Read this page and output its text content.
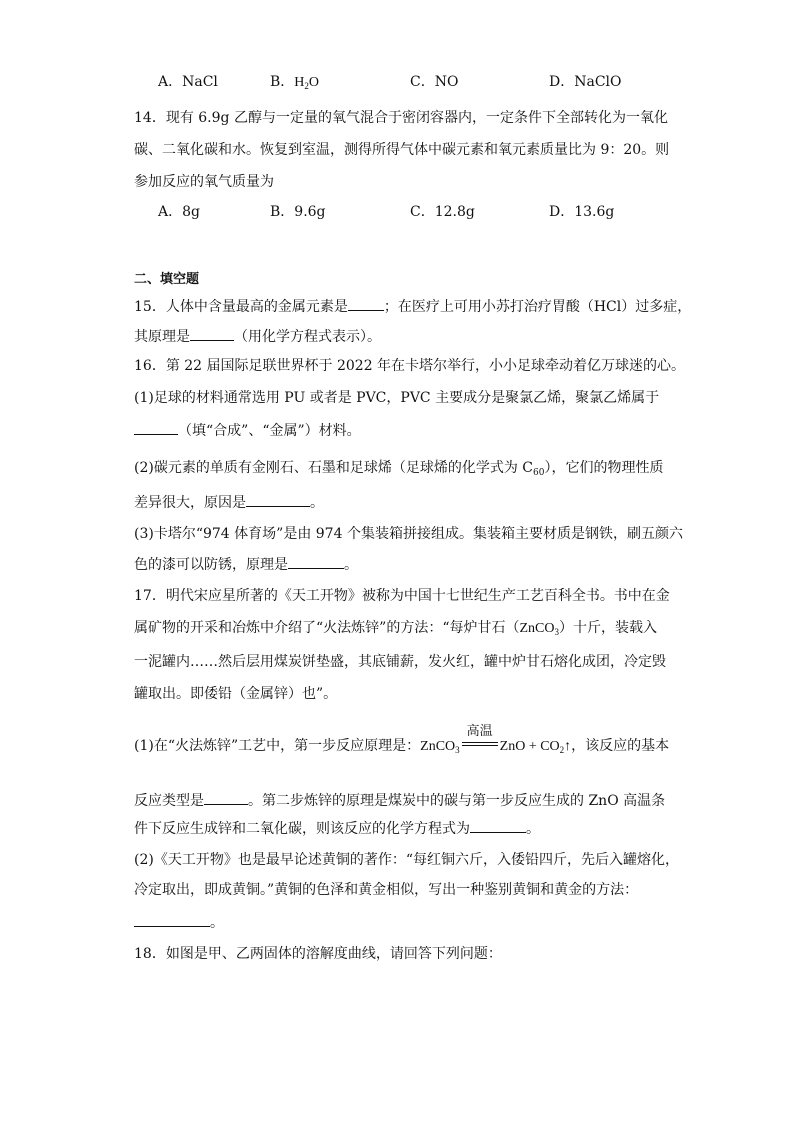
A．NaCl	B．$H_2O$	C．NO	D．NaClO
14．现有 6.9g 乙醇与一定量的氧气混合于密闭容器内，一定条件下全部转化为一氧化
碳、二氧化碳和水。恢复到室温，测得所得气体中碳元素和氧元素质量比为 9：20。则
参加反应的氧气质量为
A．8g	B．9.6g	C．12.8g	D．13.6g
二、填空题
15．人体中含量最高的金属元素是	；在医疗上可用小苏打治疗胃酸（HCl）过多症，
其原理是	（用化学方程式表示）。
16．第 22 届国际足联世界杯于 2022 年在卡塔尔举行，小小足球牵动着亿万球迷的心。
(1)足球的材料通常选用 PU 或者是 PVC，PVC 主要成分是聚氯乙烯，聚氯乙烯属于
（填“合成”、“金属”）材料。
(2)碳元素的单质有金刚石、石墨和足球烯（足球烯的化学式为 $C_{60}$），它们的物理性质
差异很大，原因是	。
(3)卡塔尔“974 体育场”是由 974 个集装箱拼接组成。集装箱主要材质是钢铁，刷五颜六
色的漆可以防锈，原理是	。
17．明代宋应星所著的《天工开物》被称为中国十七世纪生产工艺百科全书。书中在金
属矿物的开采和冶炼中介绍了“火法炼锌”的方法：“每炉甘石（ZnCO$_3$）十斤，装载入
一泥罐内……然后层用煤炭饼垫盛，其底铺薪，发火红，罐中炉甘石熔化成团，冷定毁
罐取出。即倭铅（金属锌）也”。
(1)在“火法炼锌”工艺中，第一步反应原理是：ZnCO$_3$
高温
ZnO + $CO_2↑$，该反应的基本
反应类型是	。第二步炼锌的原理是煤炭中的碳与第一步反应生成的 ZnO 高温条
件下反应生成锌和二氧化碳，则该反应的化学方程式为	。
(2)《天工开物》也是最早论述黄铜的著作：“每红铜六斤，入倭铅四斤，先后入罐熔化，
冷定取出，即成黄铜。”黄铜的色泽和黄金相似，写出一种鉴别黄铜和黄金的方法：
。
18．如图是甲、乙两固体的溶解度曲线，请回答下列问题：
